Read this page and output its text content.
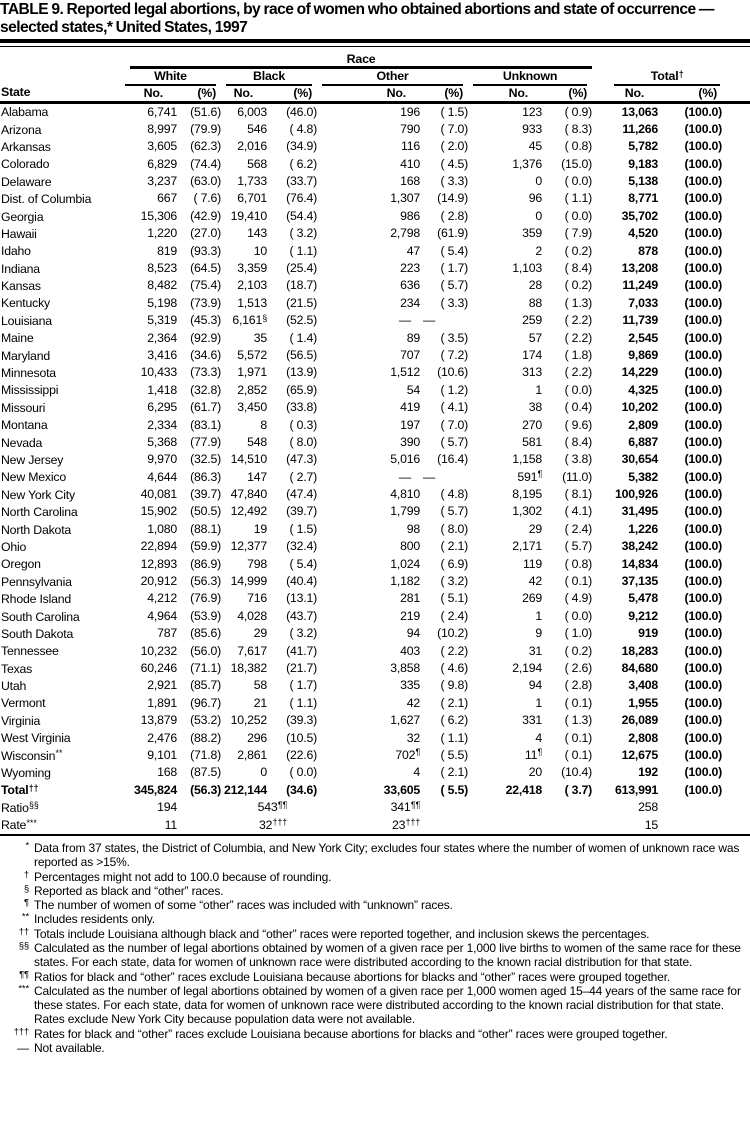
TABLE 9. Reported legal abortions, by race of women who obtained abortions and state of occurrence — selected states,* United States, 1997
State	Race									

	White		Black		Other		Unknown		Total†

	No.	(%)	No.	(%)	No.	(%)	No.	(%)	No.	(%)
Alabama	6,741	(51.6)	6,003	(46.0)	196	( 1.5)	123	( 0.9)	13,063	(100.0)

Arizona	8,997	(79.9)	546	( 4.8)	790	( 7.0)	933	( 8.3)	11,266	(100.0)

Arkansas	3,605	(62.3)	2,016	(34.9)	116	( 2.0)	45	( 0.8)	5,782	(100.0)

Colorado	6,829	(74.4)	568	( 6.2)	410	( 4.5)	1,376	(15.0)	9,183	(100.0)

Delaware	3,237	(63.0)	1,733	(33.7)	168	( 3.3)	0	( 0.0)	5,138	(100.0)

Dist. of Columbia	667	( 7.6)	6,701	(76.4)	1,307	(14.9)	96	( 1.1)	8,771	(100.0)

Georgia	15,306	(42.9)	19,410	(54.4)	986	( 2.8)	0	( 0.0)	35,702	(100.0)

Hawaii	1,220	(27.0)	143	( 3.2)	2,798	(61.9)	359	( 7.9)	4,520	(100.0)

Idaho	819	(93.3)	10	( 1.1)	47	( 5.4)	2	( 0.2)	878	(100.0)

Indiana	8,523	(64.5)	3,359	(25.4)	223	( 1.7)	1,103	( 8.4)	13,208	(100.0)

Kansas	8,482	(75.4)	2,103	(18.7)	636	( 5.7)	28	( 0.2)	11,249	(100.0)

Kentucky	5,198	(73.9)	1,513	(21.5)	234	( 3.3)	88	( 1.3)	7,033	(100.0)

Louisiana	5,319	(45.3)	6,161§	(52.5)	—	—	259	( 2.2)	11,739	(100.0)

Maine	2,364	(92.9)	35	( 1.4)	89	( 3.5)	57	( 2.2)	2,545	(100.0)

Maryland	3,416	(34.6)	5,572	(56.5)	707	( 7.2)	174	( 1.8)	9,869	(100.0)

Minnesota	10,433	(73.3)	1,971	(13.9)	1,512	(10.6)	313	( 2.2)	14,229	(100.0)

Mississippi	1,418	(32.8)	2,852	(65.9)	54	( 1.2)	1	( 0.0)	4,325	(100.0)

Missouri	6,295	(61.7)	3,450	(33.8)	419	( 4.1)	38	( 0.4)	10,202	(100.0)

Montana	2,334	(83.1)	8	( 0.3)	197	( 7.0)	270	( 9.6)	2,809	(100.0)

Nevada	5,368	(77.9)	548	( 8.0)	390	( 5.7)	581	( 8.4)	6,887	(100.0)

New Jersey	9,970	(32.5)	14,510	(47.3)	5,016	(16.4)	1,158	( 3.8)	30,654	(100.0)

New Mexico	4,644	(86.3)	147	( 2.7)	—	—	591¶	(11.0)	5,382	(100.0)

New York City	40,081	(39.7)	47,840	(47.4)	4,810	( 4.8)	8,195	( 8.1)	100,926	(100.0)

North Carolina	15,902	(50.5)	12,492	(39.7)	1,799	( 5.7)	1,302	( 4.1)	31,495	(100.0)

North Dakota	1,080	(88.1)	19	( 1.5)	98	( 8.0)	29	( 2.4)	1,226	(100.0)

Ohio	22,894	(59.9)	12,377	(32.4)	800	( 2.1)	2,171	( 5.7)	38,242	(100.0)

Oregon	12,893	(86.9)	798	( 5.4)	1,024	( 6.9)	119	( 0.8)	14,834	(100.0)

Pennsylvania	20,912	(56.3)	14,999	(40.4)	1,182	( 3.2)	42	( 0.1)	37,135	(100.0)

Rhode Island	4,212	(76.9)	716	(13.1)	281	( 5.1)	269	( 4.9)	5,478	(100.0)

South Carolina	4,964	(53.9)	4,028	(43.7)	219	( 2.4)	1	( 0.0)	9,212	(100.0)

South Dakota	787	(85.6)	29	( 3.2)	94	(10.2)	9	( 1.0)	919	(100.0)

Tennessee	10,232	(56.0)	7,617	(41.7)	403	( 2.2)	31	( 0.2)	18,283	(100.0)

Texas	60,246	(71.1)	18,382	(21.7)	3,858	( 4.6)	2,194	( 2.6)	84,680	(100.0)

Utah	2,921	(85.7)	58	( 1.7)	335	( 9.8)	94	( 2.8)	3,408	(100.0)

Vermont	1,891	(96.7)	21	( 1.1)	42	( 2.1)	1	( 0.1)	1,955	(100.0)

Virginia	13,879	(53.2)	10,252	(39.3)	1,627	( 6.2)	331	( 1.3)	26,089	(100.0)

West Virginia	2,476	(88.2)	296	(10.5)	32	( 1.1)	4	( 0.1)	2,808	(100.0)

Wisconsin**	9,101	(71.8)	2,861	(22.6)	702¶	( 5.5)	11¶	( 0.1)	12,675	(100.0)

Wyoming	168	(87.5)	0	( 0.0)	4	( 2.1)	20	(10.4)	192	(100.0)

Total††	345,824	(56.3)	212,144	(34.6)	33,605	( 5.5)	22,418	( 3.7)	613,991	(100.0)

Ratio§§	194		543¶¶		341¶¶				258	

Rate***	11		32†††		23†††				15	

* Data from 37 states, the District of Columbia, and New York City; excludes four states where the number of women of unknown race was reported as >15%.
† Percentages might not add to 100.0 because of rounding.
§ Reported as black and “other” races.
¶ The number of women of some “other” races was included with “unknown” races.
** Includes residents only.
†† Totals include Louisiana although black and “other” races were reported together, and inclusion skews the percentages.
§§ Calculated as the number of legal abortions obtained by women of a given race per 1,000 live births to women of the same race for these states. For each state, data for women of unknown race were distributed according to the known racial distribution for that state.
¶¶ Ratios for black and “other” races exclude Louisiana because abortions for blacks and “other” races were grouped together.
*** Calculated as the number of legal abortions obtained by women of a given race per 1,000 women aged 15–44 years of the same race for these states. For each state, data for women of unknown race were distributed according to the known racial distribution for that state. Rates exclude New York City because population data were not available.
††† Rates for black and “other” races exclude Louisiana because abortions for blacks and “other” races were grouped together.
— Not available.
